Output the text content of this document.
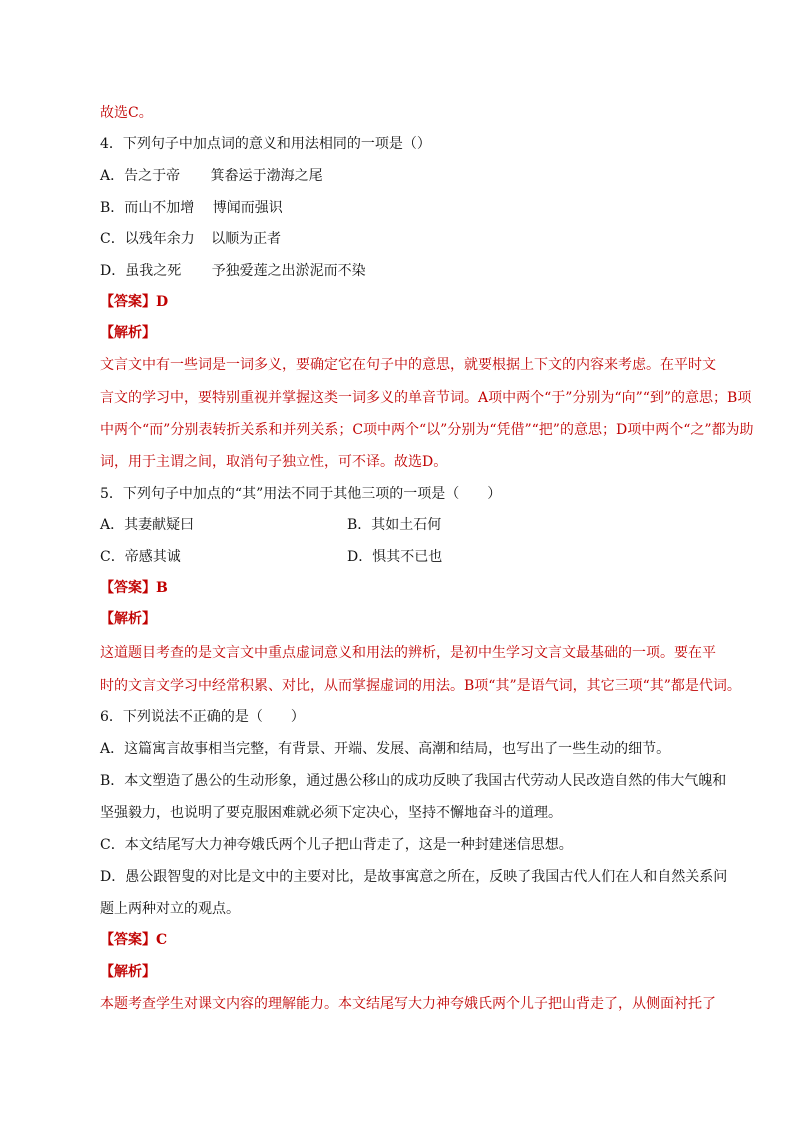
故选C。
4．下列句子中加点词的意义和用法相同的一项是（）
A．告之于帝 箕畚运于渤海之尾
B．而山不加增 博闻而强识
C．以残年余力 以顺为正者
D．虽我之死 予独爱莲之出淤泥而不染
【答案】D
【解析】
文言文中有一些词是一词多义，要确定它在句子中的意思，就要根据上下文的内容来考虑。在平时文
言文的学习中，要特别重视并掌握这类一词多义的单音节词。A项中两个“于”分别为“向”“到”的意思；B项
中两个“而”分别表转折关系和并列关系；C项中两个“以”分别为“凭借”“把”的意思；D项中两个“之”都为助
词，用于主谓之间，取消句子独立性，可不译。故选D。
5．下列句子中加点的“其”用法不同于其他三项的一项是（　　）
A．其妻献疑曰	B．其如土石何
C．帝感其诚	D．惧其不已也
【答案】B
【解析】
这道题目考查的是文言文中重点虚词意义和用法的辨析，是初中生学习文言文最基础的一项。要在平
时的文言文学习中经常积累、对比，从而掌握虚词的用法。B项“其”是语气词，其它三项“其”都是代词。
6．下列说法不正确的是（　　）
A．这篇寓言故事相当完整，有背景、开端、发展、高潮和结局，也写出了一些生动的细节。
B．本文塑造了愚公的生动形象，通过愚公移山的成功反映了我国古代劳动人民改造自然的伟大气魄和
坚强毅力，也说明了要克服困难就必须下定决心，坚持不懈地奋斗的道理。
C．本文结尾写大力神夸娥氏两个儿子把山背走了，这是一种封建迷信思想。
D．愚公跟智叟的对比是文中的主要对比，是故事寓意之所在，反映了我国古代人们在人和自然关系问
题上两种对立的观点。
【答案】C
【解析】
本题考查学生对课文内容的理解能力。本文结尾写大力神夸娥氏两个儿子把山背走了，从侧面衬托了
